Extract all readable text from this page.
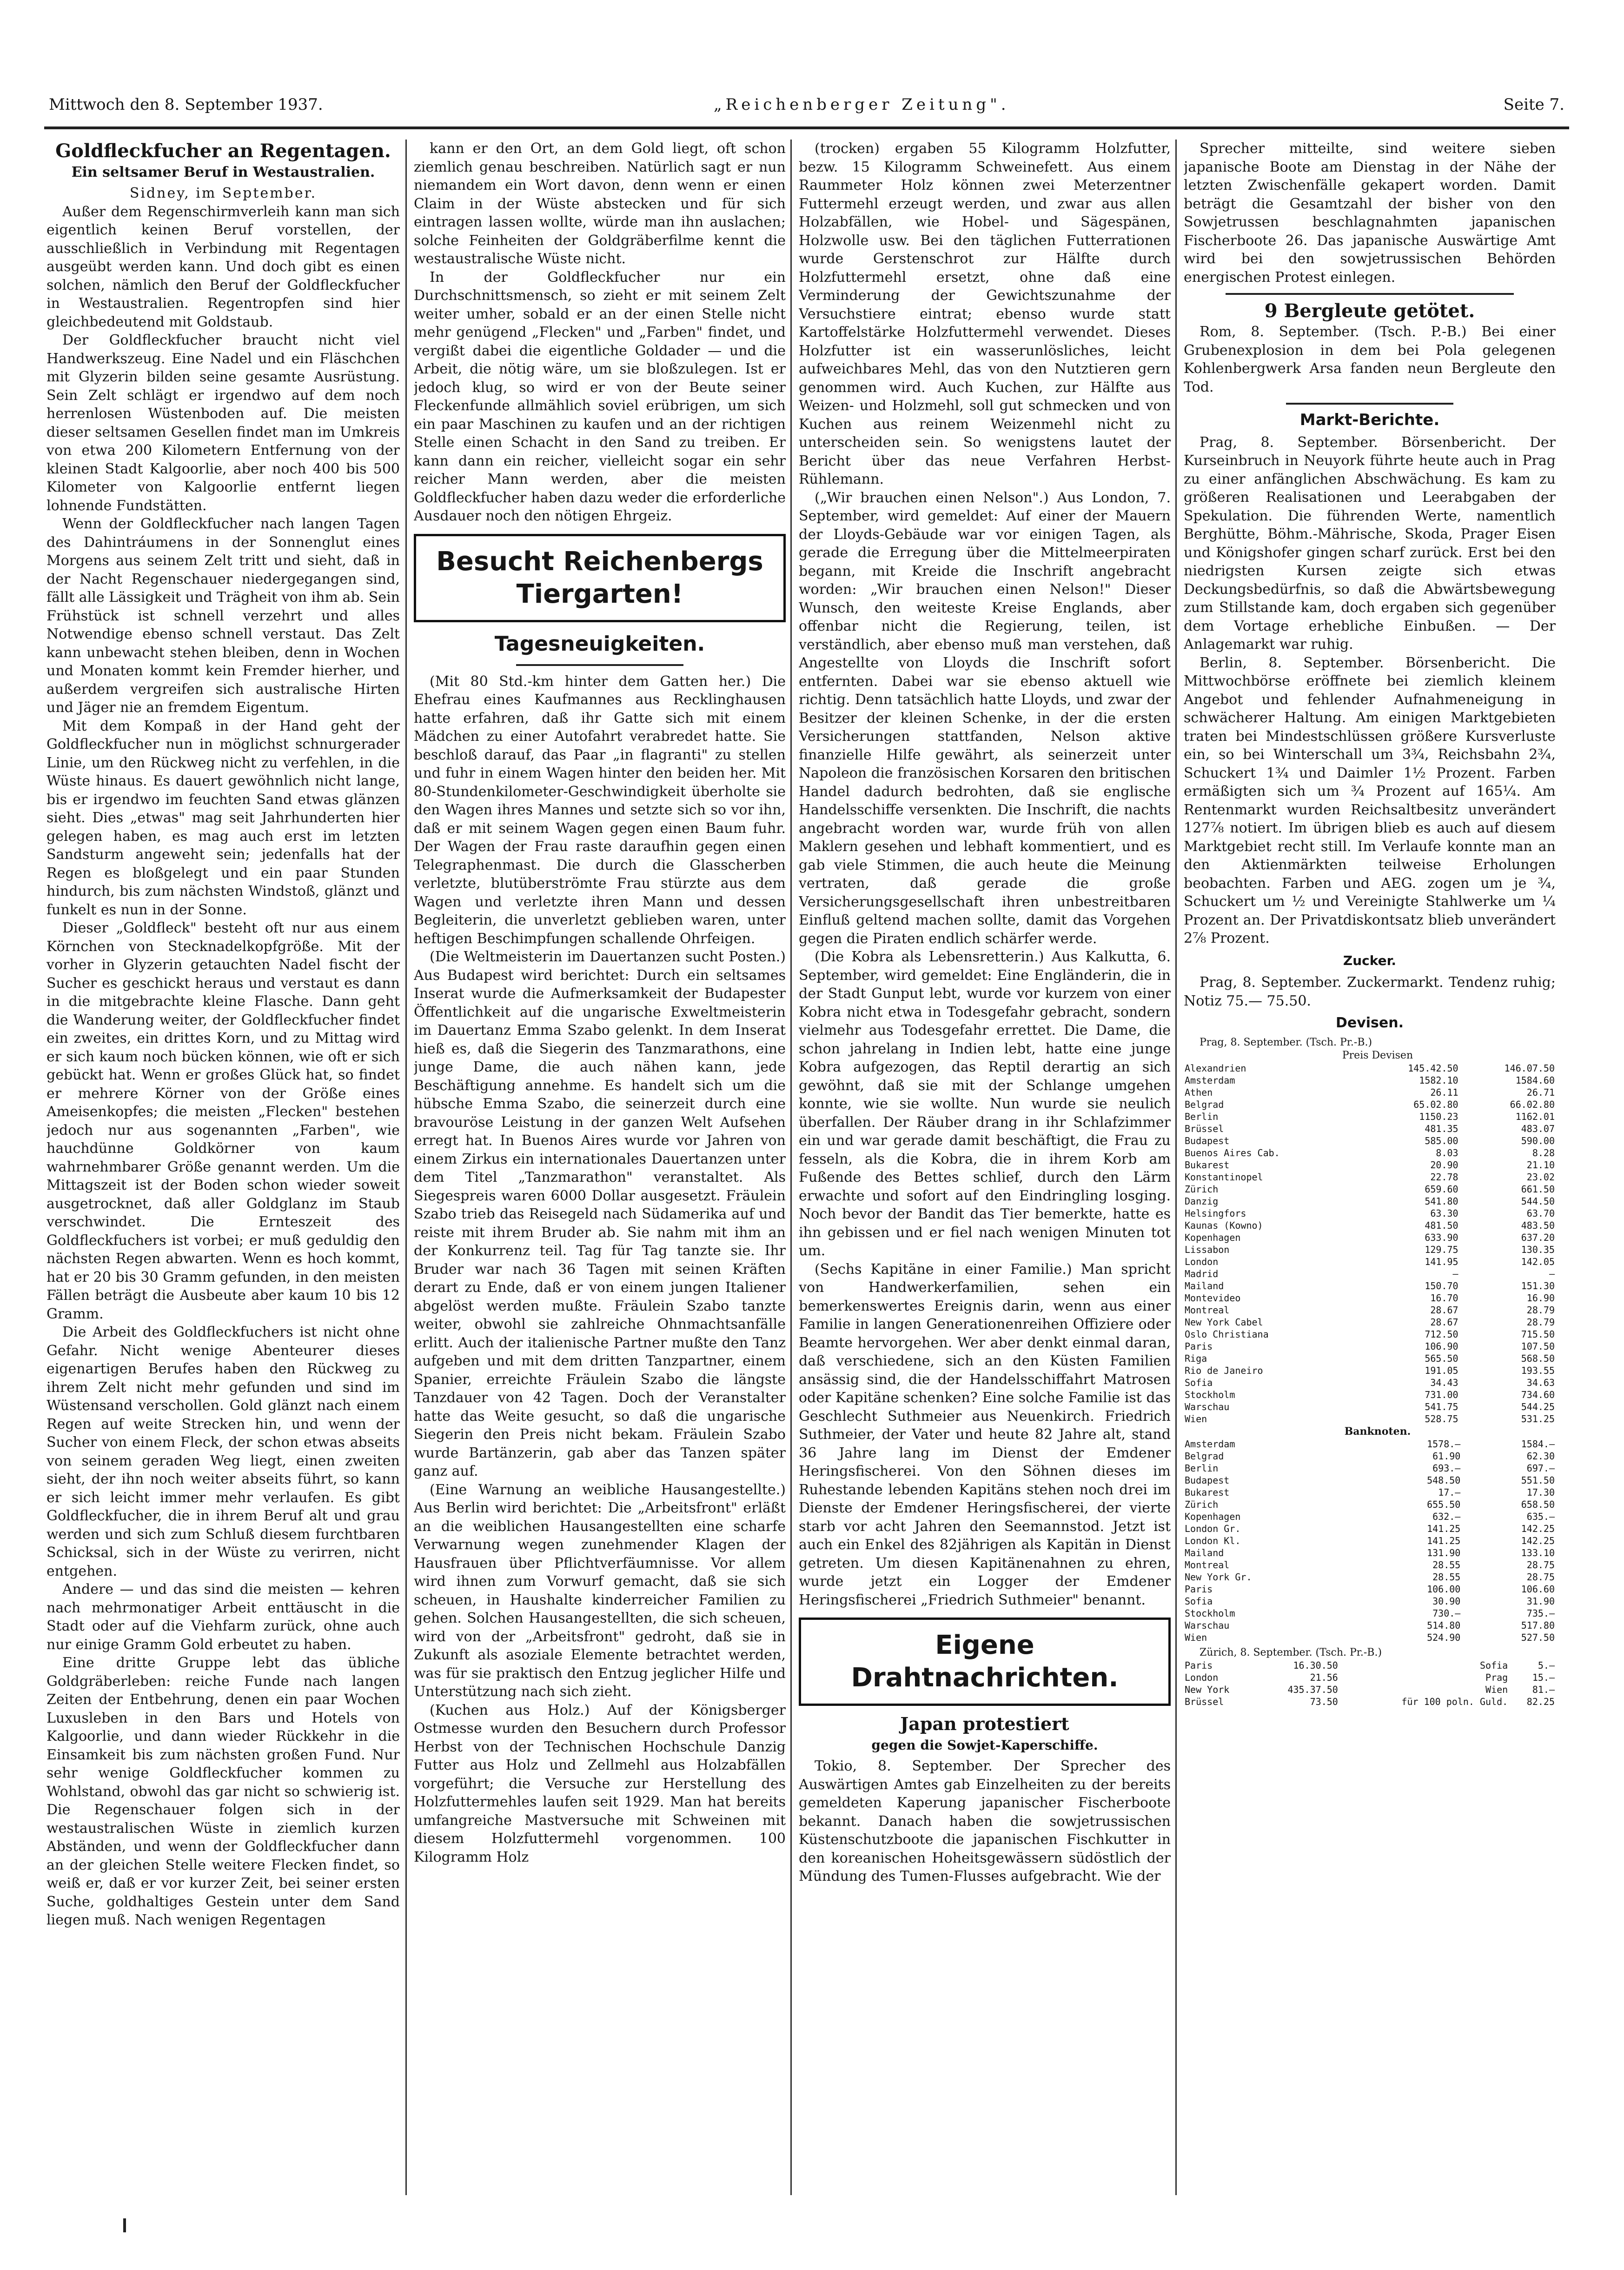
Mittwoch den 8. September 1937.	„Reichenberger Zeitung".	Seite 7.
Goldfleckfucher an Regentagen.
Ein seltsamer Beruf in Westaustralien.

Sidney, im September.

Außer dem Regenschirmverleih kann man sich eigentlich keinen Beruf vorstellen, der ausschließlich in Verbindung mit Regentagen ausgeübt werden kann. Und doch gibt es einen solchen, nämlich den Beruf der Goldfleckfucher in Westaustralien. Regentropfen sind hier gleichbedeutend mit Goldstaub.

Der Goldfleckfucher braucht nicht viel Handwerkszeug. Eine Nadel und ein Fläschchen mit Glyzerin bilden seine gesamte Ausrüstung. Sein Zelt schlägt er irgendwo auf dem noch herrenlosen Wüstenboden auf. Die meisten dieser seltsamen Gesellen findet man im Umkreis von etwa 200 Kilometern Entfernung von der kleinen Stadt Kalgoorlie, aber noch 400 bis 500 Kilometer von Kalgoorlie entfernt liegen lohnende Fundstätten.

Wenn der Goldfleckfucher nach langen Tagen des Dahintráumens in der Sonnenglut eines Morgens aus seinem Zelt tritt und sieht, daß in der Nacht Regenschauer niedergegangen sind, fällt alle Lässigkeit und Trägheit von ihm ab. Sein Frühstück ist schnell verzehrt und alles Notwendige ebenso schnell verstaut. Das Zelt kann unbewacht stehen bleiben, denn in Wochen und Monaten kommt kein Fremder hierher, und außerdem vergreifen sich australische Hirten und Jäger nie an fremdem Eigentum.

Mit dem Kompaß in der Hand geht der Goldfleckfucher nun in möglichst schnurgerader Linie, um den Rückweg nicht zu verfehlen, in die Wüste hinaus. Es dauert gewöhnlich nicht lange, bis er irgendwo im feuchten Sand etwas glänzen sieht. Dies „etwas" mag seit Jahrhunderten hier gelegen haben, es mag auch erst im letzten Sandsturm angeweht sein; jedenfalls hat der Regen es bloßgelegt und ein paar Stunden hindurch, bis zum nächsten Windstoß, glänzt und funkelt es nun in der Sonne.

Dieser „Goldfleck" besteht oft nur aus einem Körnchen von Stecknadelkopfgröße. Mit der vorher in Glyzerin getauchten Nadel fischt der Sucher es geschickt heraus und verstaut es dann in die mitgebrachte kleine Flasche. Dann geht die Wanderung weiter, der Goldfleckfucher findet ein zweites, ein drittes Korn, und zu Mittag wird er sich kaum noch bücken können, wie oft er sich gebückt hat. Wenn er großes Glück hat, so findet er mehrere Körner von der Größe eines Ameisenkopfes; die meisten „Flecken" bestehen jedoch nur aus sogenannten „Farben", wie hauchdünne Goldkörner von kaum wahrnehmbarer Größe genannt werden. Um die Mittagszeit ist der Boden schon wieder soweit ausgetrocknet, daß aller Goldglanz im Staub verschwindet. Die Ernteszeit des Goldfleckfuchers ist vorbei; er muß geduldig den nächsten Regen abwarten. Wenn es hoch kommt, hat er 20 bis 30 Gramm gefunden, in den meisten Fällen beträgt die Ausbeute aber kaum 10 bis 12 Gramm.

Die Arbeit des Goldfleckfuchers ist nicht ohne Gefahr. Nicht wenige Abenteurer dieses eigenartigen Berufes haben den Rückweg zu ihrem Zelt nicht mehr gefunden und sind im Wüstensand verschollen. Gold glänzt nach einem Regen auf weite Strecken hin, und wenn der Sucher von einem Fleck, der schon etwas abseits von seinem geraden Weg liegt, einen zweiten sieht, der ihn noch weiter abseits führt, so kann er sich leicht immer mehr verlaufen. Es gibt Goldfleckfucher, die in ihrem Beruf alt und grau werden und sich zum Schluß diesem furchtbaren Schicksal, sich in der Wüste zu verirren, nicht entgehen.

Andere — und das sind die meisten — kehren nach mehrmonatiger Arbeit enttäuscht in die Stadt oder auf die Viehfarm zurück, ohne auch nur einige Gramm Gold erbeutet zu haben.

Eine dritte Gruppe lebt das übliche Goldgräberleben: reiche Funde nach langen Zeiten der Entbehrung, denen ein paar Wochen Luxusleben in den Bars und Hotels von Kalgoorlie, und dann wieder Rückkehr in die Einsamkeit bis zum nächsten großen Fund. Nur sehr wenige Goldfleckfucher kommen zu Wohlstand, obwohl das gar nicht so schwierig ist. Die Regenschauer folgen sich in der westaustralischen Wüste in ziemlich kurzen Abständen, und wenn der Goldfleckfucher dann an der gleichen Stelle weitere Flecken findet, so weiß er, daß er vor kurzer Zeit, bei seiner ersten Suche, goldhaltiges Gestein unter dem Sand liegen muß. Nach wenigen Regentagen

kann er den Ort, an dem Gold liegt, oft schon ziemlich genau beschreiben. Natürlich sagt er nun niemandem ein Wort davon, denn wenn er einen Claim in der Wüste abstecken und für sich eintragen lassen wollte, würde man ihn auslachen; solche Feinheiten der Goldgräberfilme kennt die westaustralische Wüste nicht.

In der Goldfleckfucher nur ein Durchschnittsmensch, so zieht er mit seinem Zelt weiter umher, sobald er an der einen Stelle nicht mehr genügend „Flecken" und „Farben" findet, und vergißt dabei die eigentliche Goldader — und die Arbeit, die nötig wäre, um sie bloßzulegen. Ist er jedoch klug, so wird er von der Beute seiner Fleckenfunde allmählich soviel erübrigen, um sich ein paar Maschinen zu kaufen und an der richtigen Stelle einen Schacht in den Sand zu treiben. Er kann dann ein reicher, vielleicht sogar ein sehr reicher Mann werden, aber die meisten Goldfleckfucher haben dazu weder die erforderliche Ausdauer noch den nötigen Ehrgeiz.

Besucht Reichenbergs Tiergarten!
Tagesneuigkeiten.

(Mit 80 Std.-km hinter dem Gatten her.) Die Ehefrau eines Kaufmannes aus Recklinghausen hatte erfahren, daß ihr Gatte sich mit einem Mädchen zu einer Autofahrt verabredet hatte. Sie beschloß darauf, das Paar „in flagranti" zu stellen und fuhr in einem Wagen hinter den beiden her. Mit 80-Stundenkilometer-Geschwindigkeit überholte sie den Wagen ihres Mannes und setzte sich so vor ihn, daß er mit seinem Wagen gegen einen Baum fuhr. Der Wagen der Frau raste daraufhin gegen einen Telegraphenmast. Die durch die Glasscherben verletzte, blutüberströmte Frau stürzte aus dem Wagen und verletzte ihren Mann und dessen Begleiterin, die unverletzt geblieben waren, unter heftigen Beschimpfungen schallende Ohrfeigen.

(Die Weltmeisterin im Dauertanzen sucht Posten.) Aus Budapest wird berichtet: Durch ein seltsames Inserat wurde die Aufmerksamkeit der Budapester Öffentlichkeit auf die ungarische Exweltmeisterin im Dauertanz Emma Szabo gelenkt. In dem Inserat hieß es, daß die Siegerin des Tanzmarathons, eine junge Dame, die auch nähen kann, jede Beschäftigung annehme. Es handelt sich um die hübsche Emma Szabo, die seinerzeit durch eine bravouröse Leistung in der ganzen Welt Aufsehen erregt hat. In Buenos Aires wurde vor Jahren von einem Zirkus ein internationales Dauertanzen unter dem Titel „Tanzmarathon" veranstaltet. Als Siegespreis waren 6000 Dollar ausgesetzt. Fräulein Szabo trieb das Reisegeld nach Südamerika auf und reiste mit ihrem Bruder ab. Sie nahm mit ihm an der Konkurrenz teil. Tag für Tag tanzte sie. Ihr Bruder war nach 36 Tagen mit seinen Kräften derart zu Ende, daß er von einem jungen Italiener abgelöst werden mußte. Fräulein Szabo tanzte weiter, obwohl sie zahlreiche Ohnmachtsanfälle erlitt. Auch der italienische Partner mußte den Tanz aufgeben und mit dem dritten Tanzpartner, einem Spanier, erreichte Fräulein Szabo die längste Tanzdauer von 42 Tagen. Doch der Veranstalter hatte das Weite gesucht, so daß die ungarische Siegerin den Preis nicht bekam. Fräulein Szabo wurde Bartänzerin, gab aber das Tanzen später ganz auf.

(Eine Warnung an weibliche Hausangestellte.) Aus Berlin wird berichtet: Die „Arbeitsfront" erläßt an die weiblichen Hausangestellten eine scharfe Verwarnung wegen zunehmender Klagen der Hausfrauen über Pflichtverfäumnisse. Vor allem wird ihnen zum Vorwurf gemacht, daß sie sich scheuen, in Haushalte kinderreicher Familien zu gehen. Solchen Hausangestellten, die sich scheuen, wird von der „Arbeitsfront" gedroht, daß sie in Zukunft als asoziale Elemente betrachtet werden, was für sie praktisch den Entzug jeglicher Hilfe und Unterstützung nach sich zieht.

(Kuchen aus Holz.) Auf der Königsberger Ostmesse wurden den Besuchern durch Professor Herbst von der Technischen Hochschule Danzig Futter aus Holz und Zellmehl aus Holzabfällen vorgeführt; die Versuche zur Herstellung des Holzfuttermehles laufen seit 1929. Man hat bereits umfangreiche Mastversuche mit Schweinen mit diesem Holzfuttermehl vorgenommen. 100 Kilogramm Holz

(trocken) ergaben 55 Kilogramm Holzfutter, bezw. 15 Kilogramm Schweinefett. Aus einem Raummeter Holz können zwei Meterzentner Futtermehl erzeugt werden, und zwar aus allen Holzabfällen, wie Hobel- und Sägespänen, Holzwolle usw. Bei den täglichen Futterrationen wurde Gerstenschrot zur Hälfte durch Holzfuttermehl ersetzt, ohne daß eine Verminderung der Gewichtszunahme der Versuchstiere eintrat; ebenso wurde statt Kartoffelstärke Holzfuttermehl verwendet. Dieses Holzfutter ist ein wasserunlösliches, leicht aufweichbares Mehl, das von den Nutztieren gern genommen wird. Auch Kuchen, zur Hälfte aus Weizen- und Holzmehl, soll gut schmecken und von Kuchen aus reinem Weizenmehl nicht zu unterscheiden sein. So wenigstens lautet der Bericht über das neue Verfahren Herbst-Rühlemann.

(„Wir brauchen einen Nelson".) Aus London, 7. September, wird gemeldet: Auf einer der Mauern der Lloyds-Gebäude war vor einigen Tagen, als gerade die Erregung über die Mittelmeerpiraten begann, mit Kreide die Inschrift angebracht worden: „Wir brauchen einen Nelson!" Dieser Wunsch, den weiteste Kreise Englands, aber offenbar nicht die Regierung, teilen, ist verständlich, aber ebenso muß man verstehen, daß Angestellte von Lloyds die Inschrift sofort entfernten. Dabei war sie ebenso aktuell wie richtig. Denn tatsächlich hatte Lloyds, und zwar der Besitzer der kleinen Schenke, in der die ersten Versicherungen stattfanden, Nelson aktive finanzielle Hilfe gewährt, als seinerzeit unter Napoleon die französischen Korsaren den britischen Handel dadurch bedrohten, daß sie englische Handelsschiffe versenkten. Die Inschrift, die nachts angebracht worden war, wurde früh von allen Maklern gesehen und lebhaft kommentiert, und es gab viele Stimmen, die auch heute die Meinung vertraten, daß gerade die große Versicherungsgesellschaft ihren unbestreitbaren Einfluß geltend machen sollte, damit das Vorgehen gegen die Piraten endlich schärfer werde.

(Die Kobra als Lebensretterin.) Aus Kalkutta, 6. September, wird gemeldet: Eine Engländerin, die in der Stadt Gunput lebt, wurde vor kurzem von einer Kobra nicht etwa in Todesgefahr gebracht, sondern vielmehr aus Todesgefahr errettet. Die Dame, die schon jahrelang in Indien lebt, hatte eine junge Kobra aufgezogen, das Reptil derartig an sich gewöhnt, daß sie mit der Schlange umgehen konnte, wie sie wollte. Nun wurde sie neulich überfallen. Der Räuber drang in ihr Schlafzimmer ein und war gerade damit beschäftigt, die Frau zu fesseln, als die Kobra, die in ihrem Korb am Fußende des Bettes schlief, durch den Lärm erwachte und sofort auf den Eindringling losging. Noch bevor der Bandit das Tier bemerkte, hatte es ihn gebissen und er fiel nach wenigen Minuten tot um.

(Sechs Kapitäne in einer Familie.) Man spricht von Handwerkerfamilien, sehen ein bemerkenswertes Ereignis darin, wenn aus einer Familie in langen Generationenreihen Offiziere oder Beamte hervorgehen. Wer aber denkt einmal daran, daß verschiedene, sich an den Küsten Familien ansässig sind, die der Handelsschiffahrt Matrosen oder Kapitäne schenken? Eine solche Familie ist das Geschlecht Suthmeier aus Neuenkirch. Friedrich Suthmeier, der Vater und heute 82 Jahre alt, stand 36 Jahre lang im Dienst der Emdener Heringsfischerei. Von den Söhnen dieses im Ruhestande lebenden Kapitäns stehen noch drei im Dienste der Emdener Heringsfischerei, der vierte starb vor acht Jahren den Seemannstod. Jetzt ist auch ein Enkel des 82jährigen als Kapitän in Dienst getreten. Um diesen Kapitänenahnen zu ehren, wurde jetzt ein Logger der Emdener Heringsfischerei „Friedrich Suthmeier" benannt.

Eigene Drahtnachrichten.
Japan protestiert
gegen die Sowjet-Kaperschiffe.

Tokio, 8. September. Der Sprecher des Auswärtigen Amtes gab Einzelheiten zu der bereits gemeldeten Kaperung japanischer Fischerboote bekannt. Danach haben die sowjetrussischen Küstenschutzboote die japanischen Fischkutter in den koreanischen Hoheitsgewässern südöstlich der Mündung des Tumen-Flusses aufgebracht. Wie der

Sprecher mitteilte, sind weitere sieben japanische Boote am Dienstag in der Nähe der letzten Zwischenfälle gekapert worden. Damit beträgt die Gesamtzahl der bisher von den Sowjetrussen beschlagnahmten japanischen Fischerboote 26. Das japanische Auswärtige Amt wird bei den sowjetrussischen Behörden energischen Protest einlegen.

9 Bergleute getötet.

Rom, 8. September. (Tsch. P.-B.) Bei einer Grubenexplosion in dem bei Pola gelegenen Kohlenbergwerk Arsa fanden neun Bergleute den Tod.

Markt-Berichte.

Prag, 8. September. Börsenbericht. Der Kurseinbruch in Neuyork führte heute auch in Prag zu einer anfänglichen Abschwächung. Es kam zu größeren Realisationen und Leerabgaben der Spekulation. Die führenden Werte, namentlich Berghütte, Böhm.-Mährische, Skoda, Prager Eisen und Königshofer gingen scharf zurück. Erst bei den niedrigsten Kursen zeigte sich etwas Deckungsbedürfnis, so daß die Abwärtsbewegung zum Stillstande kam, doch ergaben sich gegenüber dem Vortage erhebliche Einbußen. — Der Anlagemarkt war ruhig.

Berlin, 8. September. Börsenbericht. Die Mittwochbörse eröffnete bei ziemlich kleinem Angebot und fehlender Aufnahmeneigung in schwächerer Haltung. Am einigen Marktgebieten traten bei Mindestschlüssen größere Kursverluste ein, so bei Winterschall um 3¾, Reichsbahn 2¾, Schuckert 1¾ und Daimler 1½ Prozent. Farben ermäßigten sich um ¾ Prozent auf 165¼. Am Rentenmarkt wurden Reichsaltbesitz unverändert 127⅞ notiert. Im übrigen blieb es auch auf diesem Marktgebiet recht still. Im Verlaufe konnte man an den Aktienmärkten teilweise Erholungen beobachten. Farben und AEG. zogen um je ¾, Schuckert um ½ und Vereinigte Stahlwerke um ¼ Prozent an. Der Privatdiskontsatz blieb unverändert 2⅞ Prozent.

Zucker.

Prag, 8. September. Zuckermarkt. Tendenz ruhig; Notiz 75.— 75.50.

Devisen.

Prag, 8. September. (Tsch. Pr.-B.)

Preis Devisen

Alexandrien	145.42.50	146.07.50
Amsterdam	1582.10	1584.60
Athen	26.11	26.71
Belgrad	65.02.80	66.02.80
Berlin	1150.23	1162.01
Brüssel	481.35	483.07
Budapest	585.00	590.00
Buenos Aires Cab.	8.03	8.28
Bukarest	20.90	21.10
Konstantinopel	22.78	23.02
Zürich	659.60	661.50
Danzig	541.80	544.50
Helsingfors	63.30	63.70
Kaunas (Kowno)	481.50	483.50
Kopenhagen	633.90	637.20
Lissabon	129.75	130.35
London	141.95	142.05
Madrid	—	—
Mailand	150.70	151.30
Montevideo	16.70	16.90
Montreal	28.67	28.79
New York Cabel	28.67	28.79
Oslo Christiana	712.50	715.50
Paris	106.90	107.50
Riga	565.50	568.50
Rio de Janeiro	191.05	193.55
Sofia	34.43	34.63
Stockholm	731.00	734.60
Warschau	541.75	544.25
Wien	528.75	531.25

Banknoten.

Amsterdam	1578.—	1584.—
Belgrad	61.90	62.30
Berlin	693.—	697.—
Budapest	548.50	551.50
Bukarest	17.—	17.30
Zürich	655.50	658.50
Kopenhagen	632.—	635.—
London Gr.	141.25	142.25
London Kl.	141.25	142.25
Mailand	131.90	133.10
Montreal	28.55	28.75
New York Gr.	28.55	28.75
Paris	106.00	106.60
Sofia	30.90	31.90
Stockholm	730.—	735.—
Warschau	514.80	517.80
Wien	524.90	527.50

Zürich, 8. September. (Tsch. Pr.-B.)

Paris	16.30.50	Sofia	5.—
London	21.56	Prag	15.—
New York	435.37.50	Wien	81.—
Brüssel	73.50	für 100 poln. Guld.	82.25
